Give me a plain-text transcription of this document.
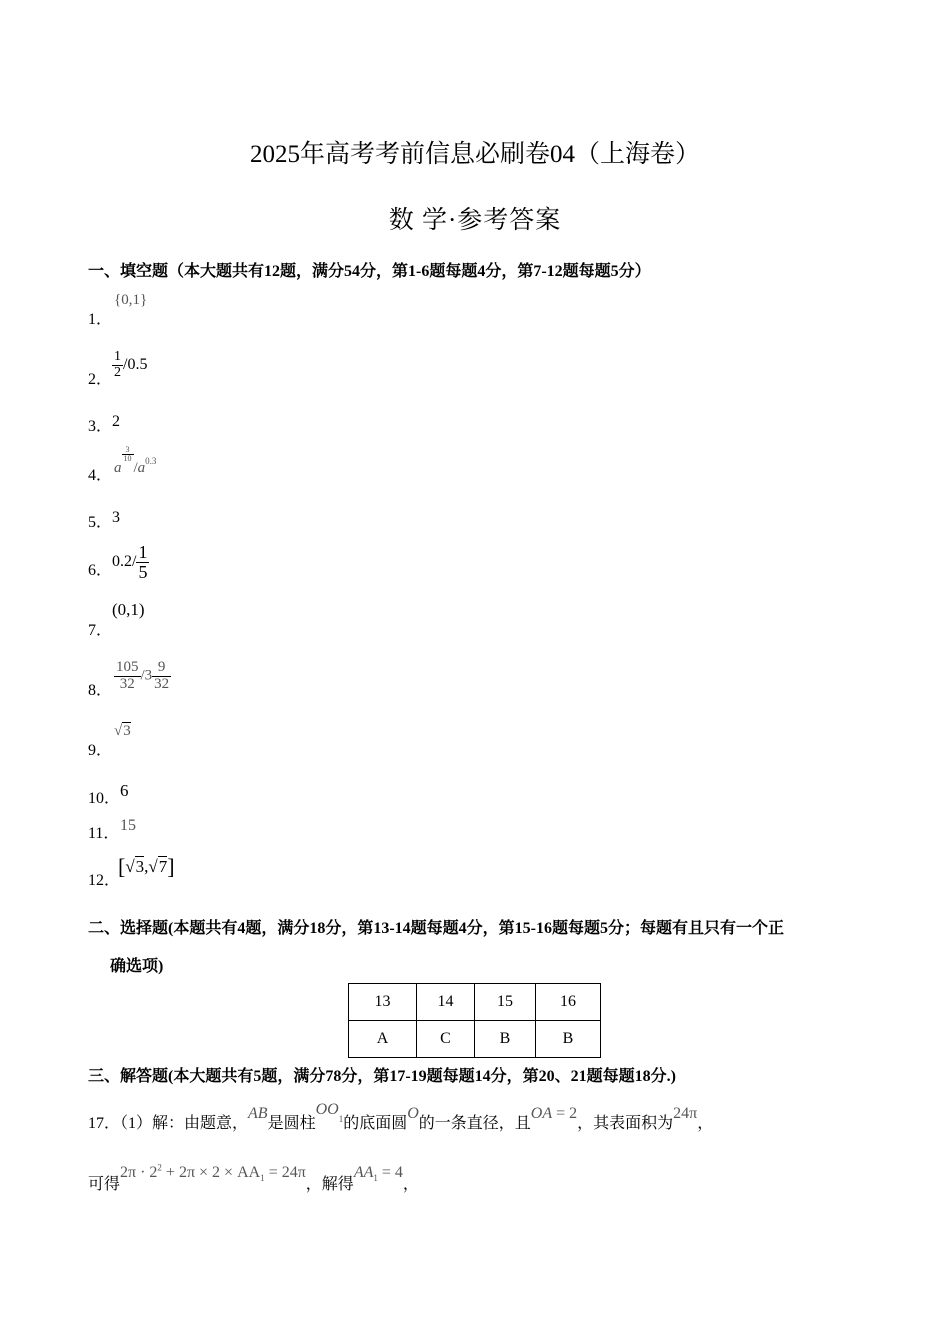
2025年高考考前信息必刷卷04（上海卷）
数 学·参考答案
一、填空题（本大题共有12题，满分54分，第1-6题每题4分，第7-12题每题5分）
1．
{0,1}
2． $\frac{1}{2} /0.5$
3． 2
4． a
$\frac{3}{10}$
$/a_{0.3}$
5． 3
6．
$0.2/ \frac{1}{5}$
7．
(0,1)
8． $\frac{105}{32} /3 \frac{9}{32}$
9．
√3
10． 6
11． 15
12．
[√3,√7]
二、选择题(本题共有4题，满分18分，第13-14题每题4分，第15-16题每题5分；每题有且只有一个正
确选项)
13	14	15	16
A	C	B	B
三、解答题(本大题共有5题，满分78分，第17-19题每题14分，第20、21题每题18分.)
17．（1）解：由题意，AB是圆柱$OO_1$的底面圆O的一条直径，且OA = 2，其表面积为24π，
可得$2\pi \cdot 2^2 + 2\pi \times 2 \times AA_1 = 24\pi$，解得$AA_1 = 4$，
